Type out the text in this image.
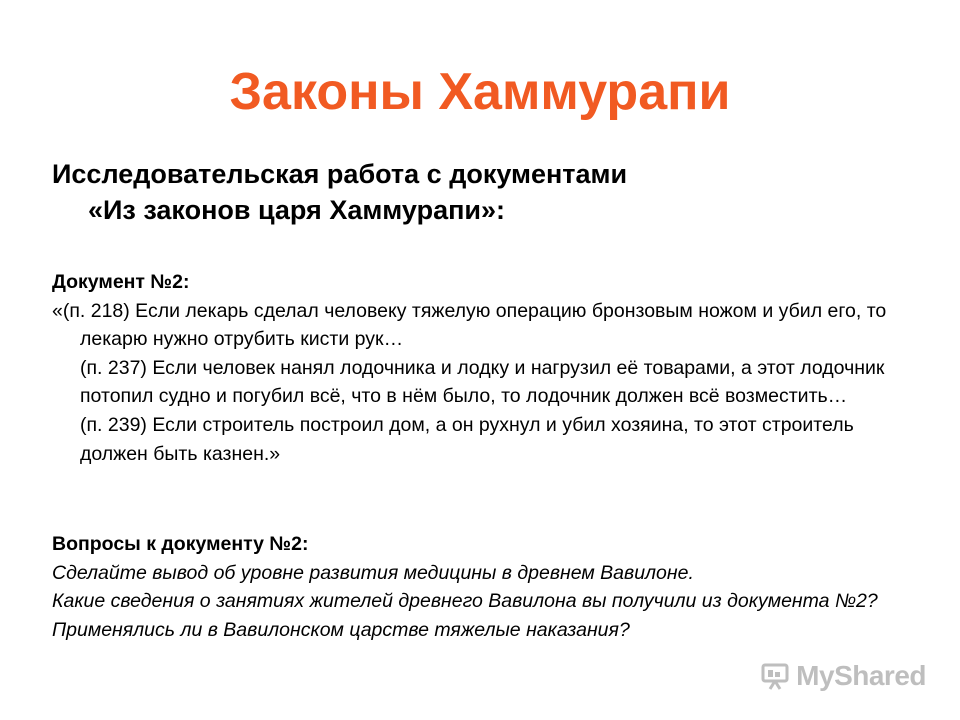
Законы Хаммурапи
Исследовательская работа с документами
«Из законов царя Хаммурапи»:
Документ №2:
«(п. 218) Если лекарь сделал человеку тяжелую операцию бронзовым ножом и убил его, то лекарю нужно отрубить кисти рук…
(п. 237) Если человек нанял лодочника и лодку и нагрузил её товарами, а этот лодочник потопил судно и погубил всё, что в нём было, то лодочник должен всё возместить…
(п. 239) Если строитель построил дом, а он рухнул и убил хозяина, то этот строитель должен быть казнен.»
Вопросы к документу №2:
Сделайте вывод об уровне развития медицины в древнем Вавилоне.
Какие сведения о занятиях жителей древнего Вавилона вы получили из документа №2?
Применялись ли в Вавилонском царстве тяжелые наказания?
MyShared
